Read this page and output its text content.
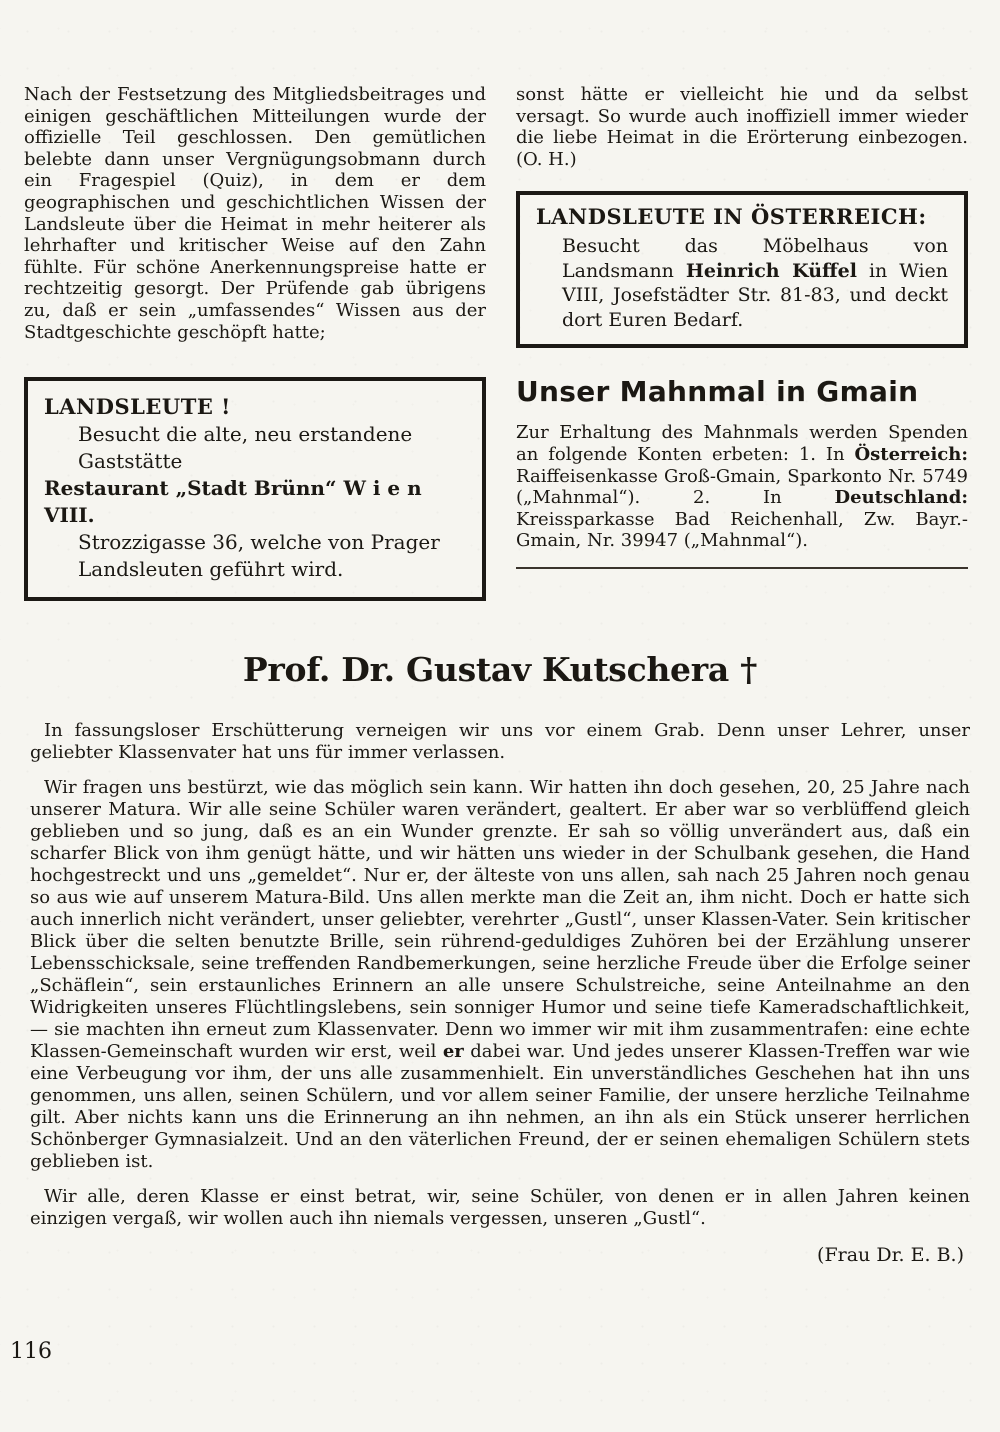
Nach der Festsetzung des Mitgliedsbeitrages und einigen geschäftlichen Mitteilungen wurde der offizielle Teil geschlossen. Den gemütlichen belebte dann unser Vergnügungsobmann durch ein Fragespiel (Quiz), in dem er dem geographischen und geschichtlichen Wissen der Landsleute über die Heimat in mehr heiterer als lehrhafter und kritischer Weise auf den Zahn fühlte. Für schöne Anerkennungspreise hatte er rechtzeitig gesorgt. Der Prüfende gab übrigens zu, daß er sein „umfassendes“ Wissen aus der Stadtgeschichte geschöpft hatte;

LANDSLEUTE !

Besucht die alte, neu erstandene

Gaststätte

Restaurant „Stadt Brünn“ W i e n VIII.

Strozzigasse 36, welche von Prager

Landsleuten geführt wird.

sonst hätte er vielleicht hie und da selbst versagt. So wurde auch inoffiziell immer wieder die liebe Heimat in die Erörterung einbezogen. (O. H.)

LANDSLEUTE IN ÖSTERREICH:

Besucht das Möbelhaus von Landsmann Heinrich Küffel in Wien VIII, Josefstädter Str. 81-83, und deckt dort Euren Bedarf.

Unser Mahnmal in Gmain

Zur Erhaltung des Mahnmals werden Spenden an folgende Konten erbeten: 1. In Österreich: Raiffeisenkasse Groß-Gmain, Sparkonto Nr. 5749 („Mahnmal“). 2. In Deutschland: Kreissparkasse Bad Reichenhall, Zw. Bayr.-Gmain, Nr. 39947 („Mahnmal“).

Prof. Dr. Gustav Kutschera †

In fassungsloser Erschütterung verneigen wir uns vor einem Grab. Denn unser Lehrer, unser geliebter Klassenvater hat uns für immer verlassen.

Wir fragen uns bestürzt, wie das möglich sein kann. Wir hatten ihn doch gesehen, 20, 25 Jahre nach unserer Matura. Wir alle seine Schüler waren verändert, gealtert. Er aber war so verblüffend gleich geblieben und so jung, daß es an ein Wunder grenzte. Er sah so völlig unverändert aus, daß ein scharfer Blick von ihm genügt hätte, und wir hätten uns wieder in der Schulbank gesehen, die Hand hochgestreckt und uns „gemeldet“. Nur er, der älteste von uns allen, sah nach 25 Jahren noch genau so aus wie auf unserem Matura-Bild. Uns allen merkte man die Zeit an, ihm nicht. Doch er hatte sich auch innerlich nicht verändert, unser geliebter, verehrter „Gustl“, unser Klassen-Vater. Sein kritischer Blick über die selten benutzte Brille, sein rührend-geduldiges Zuhören bei der Erzählung unserer Lebensschicksale, seine treffenden Randbemerkungen, seine herzliche Freude über die Erfolge seiner „Schäflein“, sein erstaunliches Erinnern an alle unsere Schulstreiche, seine Anteilnahme an den Widrigkeiten unseres Flüchtlingslebens, sein sonniger Humor und seine tiefe Kameradschaftlichkeit, — sie machten ihn erneut zum Klassenvater. Denn wo immer wir mit ihm zusammentrafen: eine echte Klassen-Gemeinschaft wurden wir erst, weil er dabei war. Und jedes unserer Klassen-Treffen war wie eine Verbeugung vor ihm, der uns alle zusammenhielt. Ein unverständliches Geschehen hat ihn uns genommen, uns allen, seinen Schülern, und vor allem seiner Familie, der unsere herzliche Teilnahme gilt. Aber nichts kann uns die Erinnerung an ihn nehmen, an ihn als ein Stück unserer herrlichen Schönberger Gymnasialzeit. Und an den väterlichen Freund, der er seinen ehemaligen Schülern stets geblieben ist.

Wir alle, deren Klasse er einst betrat, wir, seine Schüler, von denen er in allen Jahren keinen einzigen vergaß, wir wollen auch ihn niemals vergessen, unseren „Gustl“.

(Frau Dr. E. B.)

116
